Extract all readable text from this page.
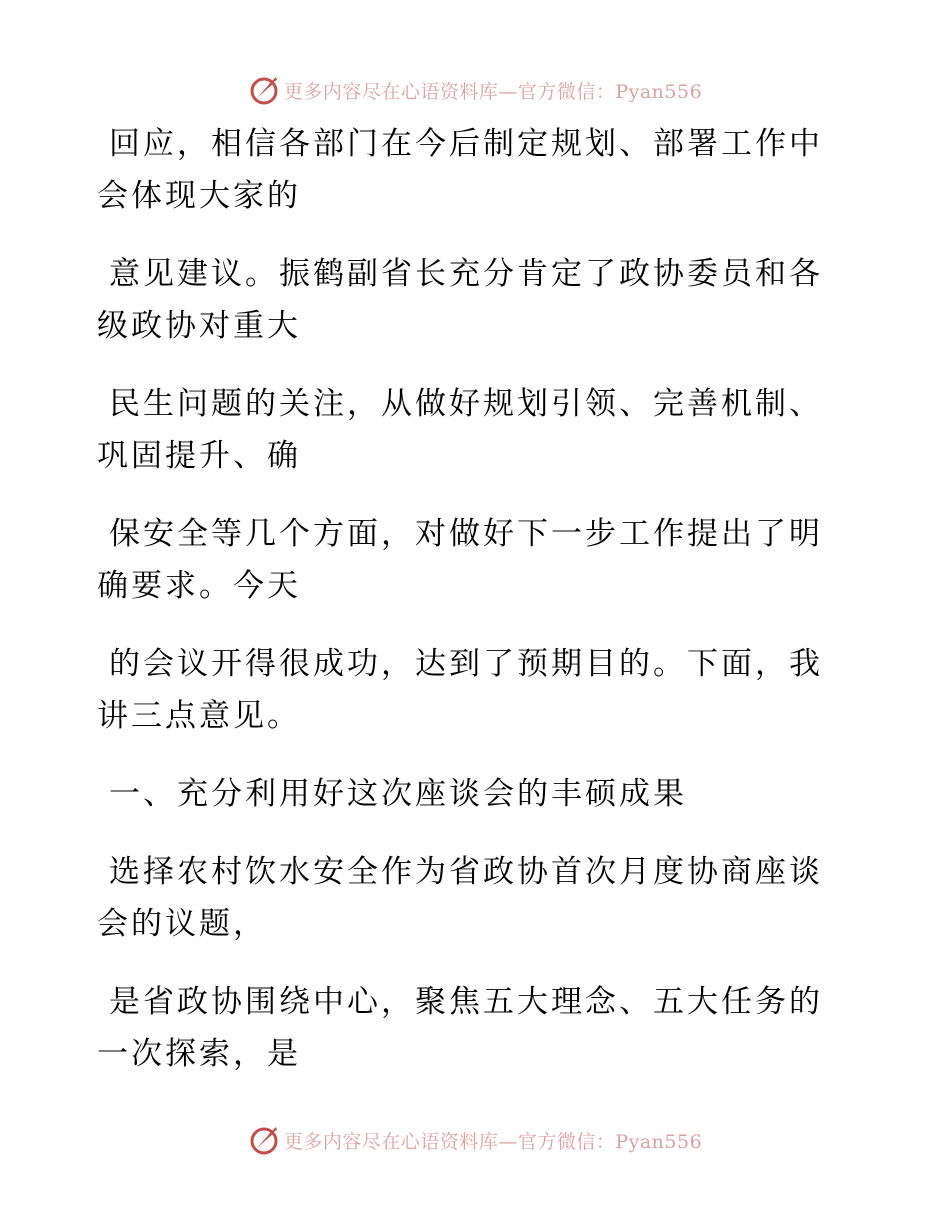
更多内容尽在心语资料库—官方微信：Pyan556

回应，相信各部门在今后制定规划、部署工作中
会体现大家的

意见建议。振鹤副省长充分肯定了政协委员和各
级政协对重大

民生问题的关注，从做好规划引领、完善机制、
巩固提升、确

保安全等几个方面，对做好下一步工作提出了明
确要求。今天

的会议开得很成功，达到了预期目的。下面，我
讲三点意见。

一、充分利用好这次座谈会的丰硕成果

选择农村饮水安全作为省政协首次月度协商座谈
会的议题，

是省政协围绕中心，聚焦五大理念、五大任务的
一次探索，是

更多内容尽在心语资料库—官方微信：Pyan556
